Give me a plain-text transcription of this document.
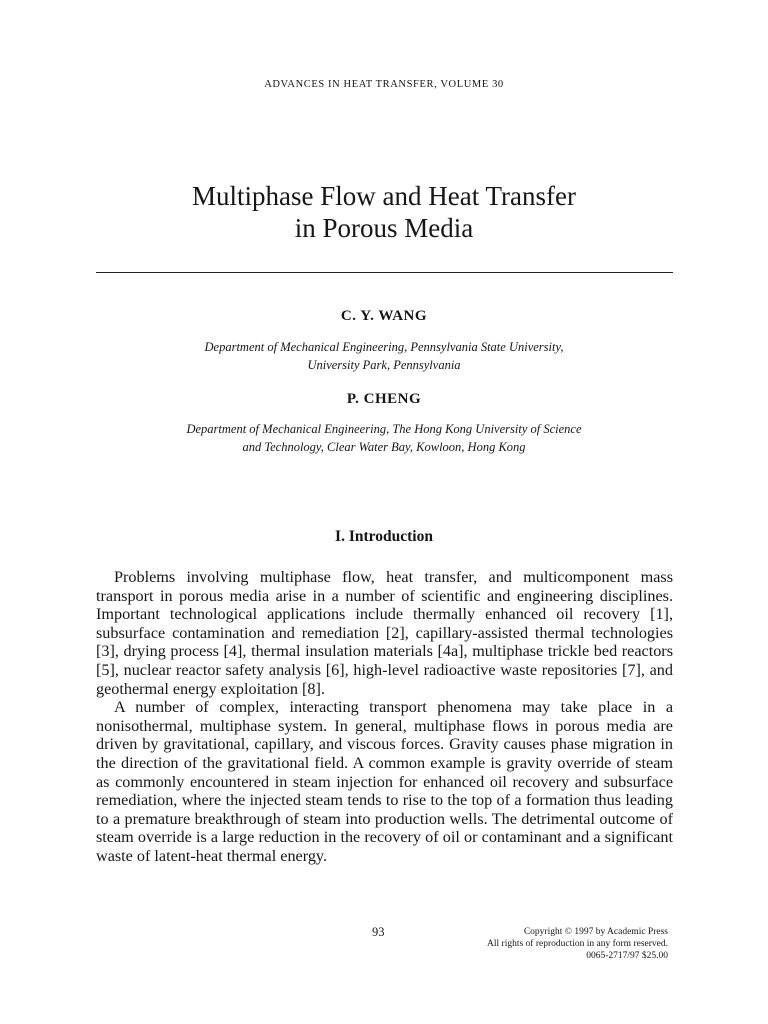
ADVANCES IN HEAT TRANSFER, VOLUME 30
Multiphase Flow and Heat Transfer
in Porous Media
C. Y. WANG
Department of Mechanical Engineering, Pennsylvania State University,
University Park, Pennsylvania
P. CHENG
Department of Mechanical Engineering, The Hong Kong University of Science
and Technology, Clear Water Bay, Kowloon, Hong Kong
I. Introduction

Problems involving multiphase flow, heat transfer, and multicomponent mass transport in porous media arise in a number of scientific and engineering disciplines. Important technological applications include thermally enhanced oil recovery [1], subsurface contamination and remediation [2], capillary-assisted thermal technologies [3], drying process [4], thermal insulation materials [4a], multiphase trickle bed reactors [5], nuclear reactor safety analysis [6], high-level radioactive waste repositories [7], and geothermal energy exploitation [8].

A number of complex, interacting transport phenomena may take place in a nonisothermal, multiphase system. In general, multiphase flows in porous media are driven by gravitational, capillary, and viscous forces. Gravity causes phase migration in the direction of the gravitational field. A common example is gravity override of steam as commonly encountered in steam injection for enhanced oil recovery and subsurface remediation, where the injected steam tends to rise to the top of a formation thus leading to a premature breakthrough of steam into production wells. The detrimental outcome of steam override is a large reduction in the recovery of oil or contaminant and a significant waste of latent-heat thermal energy.

93	Copyright © 1997 by Academic Press
All rights of reproduction in any form reserved.
0065-2717/97 $25.00
